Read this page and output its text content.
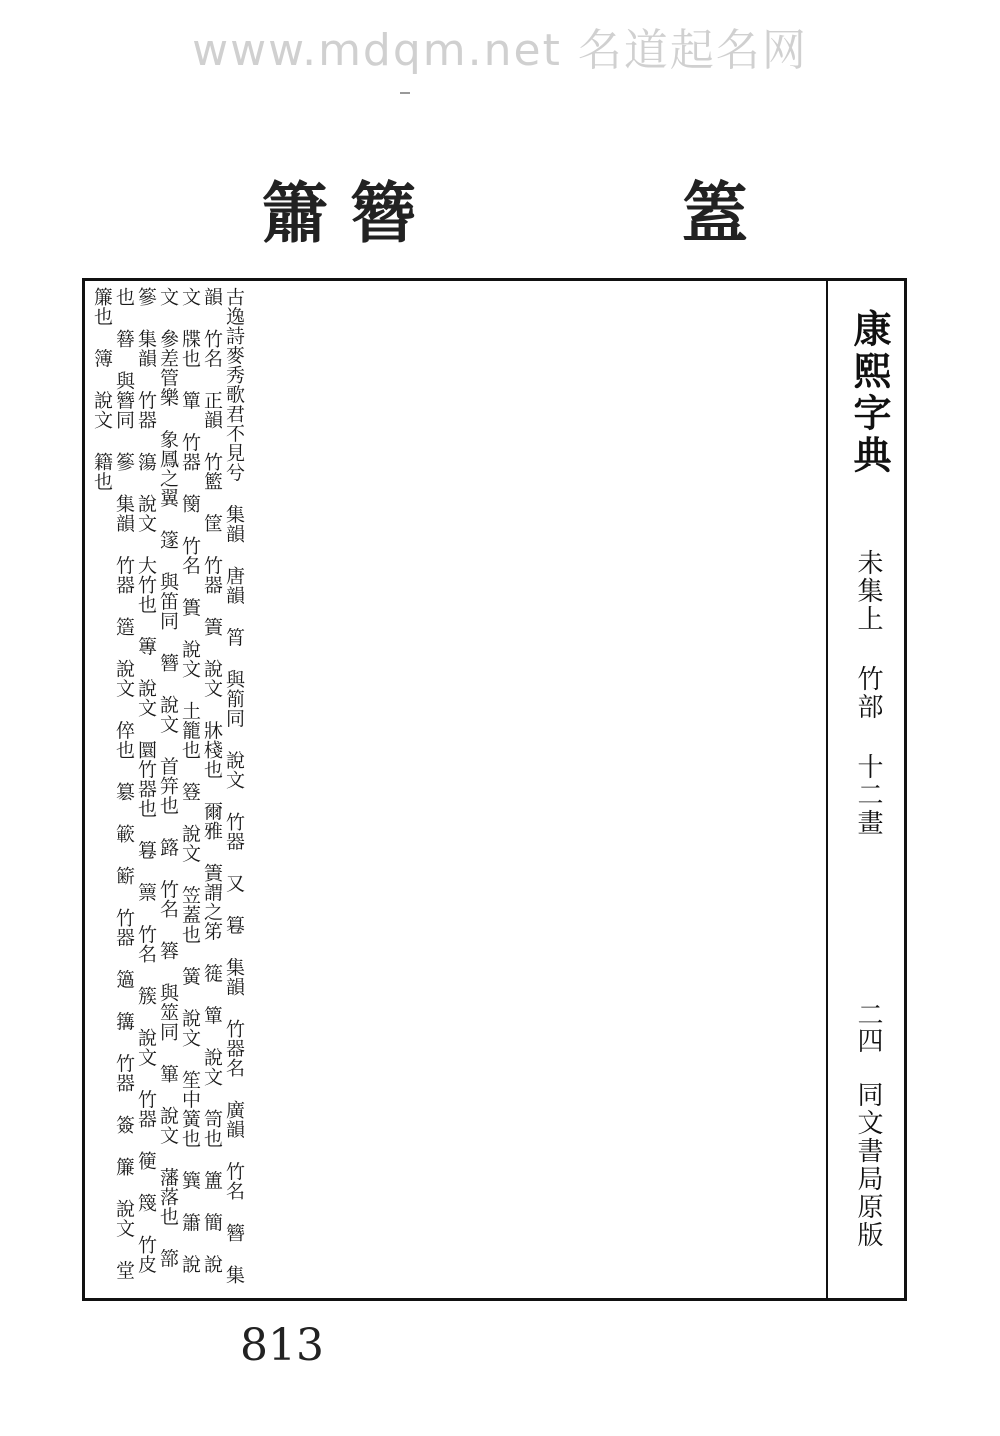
www.mdqm.net 名道起名网
簫 簪	篕
康熙字典
未集上 竹部 十二畫
二四
同文書局原版

古逸詩麥秀歌君不見兮 集韻 唐韻 筲 與箾同 說文 竹器 又 篹 集韻 竹器名 廣韻 竹名 簪 集韻 竹名 正韻 竹籃 筐 竹器 簀 說文 牀棧也 爾雅 簀謂之笫 簁 簞 說文 笥也 簠 簡 說文 牒也 簞 竹器 簢 竹名 簣 說文 土籠也 簦 說文 笠蓋也 簧 說文 笙中簧也 簨 簫 說文 參差管樂 象鳳之翼 篴 與笛同 簪 說文 首笄也 簬 竹名 簭 與筮同 篳 說文 藩落也 篰 篸 集韻 竹器 簜 說文 大竹也 篿 說文 圜竹器也 篹 篻 竹名 簇 說文 竹器 箯 篾 竹皮也 簮 與簪同 篸 集韻 竹器 簉 說文 倅也 簒 簐 簖 竹器 簻 簼 竹器 簽 簾 說文 堂簾也 簿 說文 籍也

813
